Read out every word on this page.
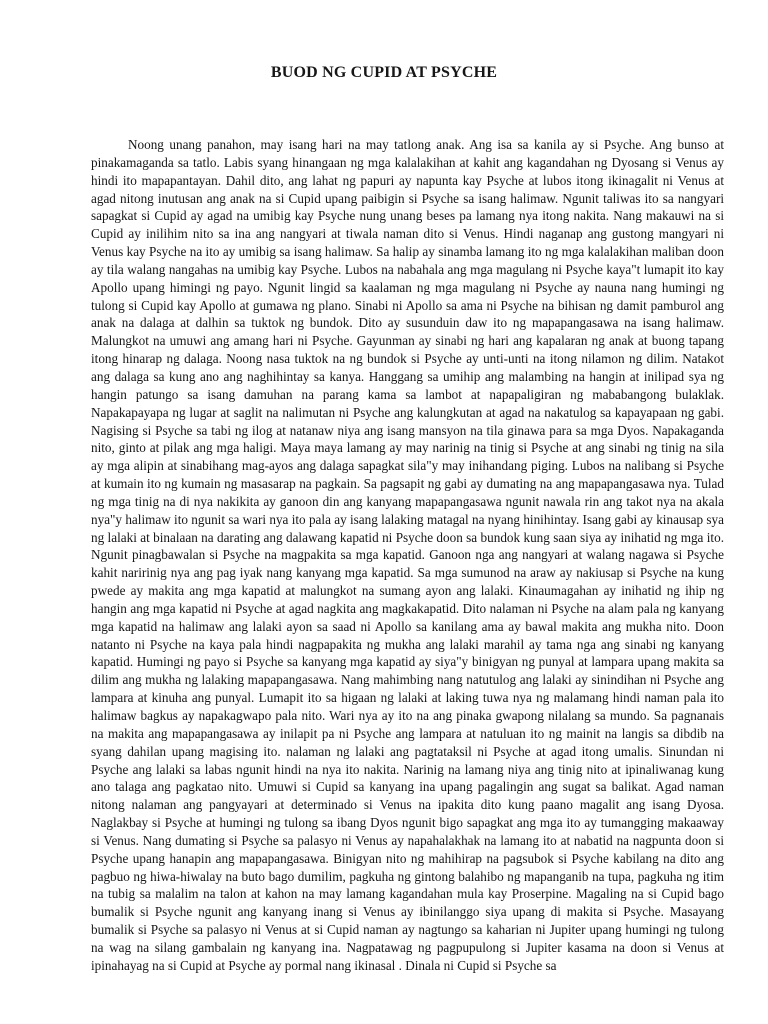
BUOD NG CUPID AT PSYCHE

Noong unang panahon, may isang hari na may tatlong anak. Ang isa sa kanila ay si Psyche. Ang bunso at pinakamaganda sa tatlo. Labis syang hinangaan ng mga kalalakihan at kahit ang kagandahan ng Dyosang si Venus ay hindi ito mapapantayan. Dahil dito, ang lahat ng papuri ay napunta kay Psyche at lubos itong ikinagalit ni Venus at agad nitong inutusan ang anak na si Cupid upang paibigin si Psyche sa isang halimaw. Ngunit taliwas ito sa nangyari sapagkat si Cupid ay agad na umibig kay Psyche nung unang beses pa lamang nya itong nakita. Nang makauwi na si Cupid ay inilihim nito sa ina ang nangyari at tiwala naman dito si Venus. Hindi naganap ang gustong mangyari ni Venus kay Psyche na ito ay umibig sa isang halimaw. Sa halip ay sinamba lamang ito ng mga kalalakihan maliban doon ay tila walang nangahas na umibig kay Psyche. Lubos na nabahala ang mga magulang ni Psyche kaya"t lumapit ito kay Apollo upang himingi ng payo. Ngunit lingid sa kaalaman ng mga magulang ni Psyche ay nauna nang humingi ng tulong si Cupid kay Apollo at gumawa ng plano. Sinabi ni Apollo sa ama ni Psyche na bihisan ng damit pamburol ang anak na dalaga at dalhin sa tuktok ng bundok. Dito ay susunduin daw ito ng mapapangasawa na isang halimaw. Malungkot na umuwi ang amang hari ni Psyche. Gayunman ay sinabi ng hari ang kapalaran ng anak at buong tapang itong hinarap ng dalaga. Noong nasa tuktok na ng bundok si Psyche ay unti-unti na itong nilamon ng dilim. Natakot ang dalaga sa kung ano ang naghihintay sa kanya. Hanggang sa umihip ang malambing na hangin at inilipad sya ng hangin patungo sa isang damuhan na parang kama sa lambot at napapaligiran ng mababangong bulaklak. Napakapayapa ng lugar at saglit na nalimutan ni Psyche ang kalungkutan at agad na nakatulog sa kapayapaan ng gabi. Nagising si Psyche sa tabi ng ilog at natanaw niya ang isang mansyon na tila ginawa para sa mga Dyos. Napakaganda nito, ginto at pilak ang mga haligi. Maya maya lamang ay may narinig na tinig si Psyche at ang sinabi ng tinig na sila ay mga alipin at sinabihang mag-ayos ang dalaga sapagkat sila"y may inihandang piging. Lubos na nalibang si Psyche at kumain ito ng kumain ng masasarap na pagkain. Sa pagsapit ng gabi ay dumating na ang mapapangasawa nya. Tulad ng mga tinig na di nya nakikita ay ganoon din ang kanyang mapapangasawa ngunit nawala rin ang takot nya na akala nya"y halimaw ito ngunit sa wari nya ito pala ay isang lalaking matagal na nyang hinihintay. Isang gabi ay kinausap sya ng lalaki at binalaan na darating ang dalawang kapatid ni Psyche doon sa bundok kung saan siya ay inihatid ng mga ito. Ngunit pinagbawalan si Psyche na magpakita sa mga kapatid. Ganoon nga ang nangyari at walang nagawa si Psyche kahit naririnig nya ang pag iyak nang kanyang mga kapatid. Sa mga sumunod na araw ay nakiusap si Psyche na kung pwede ay makita ang mga kapatid at malungkot na sumang ayon ang lalaki. Kinaumagahan ay inihatid ng ihip ng hangin ang mga kapatid ni Psyche at agad nagkita ang magkakapatid. Dito nalaman ni Psyche na alam pala ng kanyang mga kapatid na halimaw ang lalaki ayon sa saad ni Apollo sa kanilang ama ay bawal makita ang mukha nito. Doon natanto ni Psyche na kaya pala hindi nagpapakita ng mukha ang lalaki marahil ay tama nga ang sinabi ng kanyang kapatid. Humingi ng payo si Psyche sa kanyang mga kapatid ay siya"y binigyan ng punyal at lampara upang makita sa dilim ang mukha ng lalaking mapapangasawa. Nang mahimbing nang natutulog ang lalaki ay sinindihan ni Psyche ang lampara at kinuha ang punyal. Lumapit ito sa higaan ng lalaki at laking tuwa nya ng malamang hindi naman pala ito halimaw bagkus ay napakagwapo pala nito. Wari nya ay ito na ang pinaka gwapong nilalang sa mundo. Sa pagnanais na makita ang mapapangasawa ay inilapit pa ni Psyche ang lampara at natuluan ito ng mainit na langis sa dibdib na syang dahilan upang magising ito. nalaman ng lalaki ang pagtataksil ni Psyche at agad itong umalis. Sinundan ni Psyche ang lalaki sa labas ngunit hindi na nya ito nakita. Narinig na lamang niya ang tinig nito at ipinaliwanag kung ano talaga ang pagkatao nito. Umuwi si Cupid sa kanyang ina upang pagalingin ang sugat sa balikat. Agad naman nitong nalaman ang pangyayari at determinado si Venus na ipakita dito kung paano magalit ang isang Dyosa. Naglakbay si Psyche at humingi ng tulong sa ibang Dyos ngunit bigo sapagkat ang mga ito ay tumangging makaaway si Venus. Nang dumating si Psyche sa palasyo ni Venus ay napahalakhak na lamang ito at nabatid na nagpunta doon si Psyche upang hanapin ang mapapangasawa. Binigyan nito ng mahihirap na pagsubok si Psyche kabilang na dito ang pagbuo ng hiwa-hiwalay na buto bago dumilim, pagkuha ng gintong balahibo ng mapanganib na tupa, pagkuha ng itim na tubig sa malalim na talon at kahon na may lamang kagandahan mula kay Proserpine. Magaling na si Cupid bago bumalik si Psyche ngunit ang kanyang inang si Venus ay ibinilanggo siya upang di makita si Psyche. Masayang bumalik si Psyche sa palasyo ni Venus at si Cupid naman ay nagtungo sa kaharian ni Jupiter upang humingi ng tulong na wag na silang gambalain ng kanyang ina. Nagpatawag ng pagpupulong si Jupiter kasama na doon si Venus at ipinahayag na si Cupid at Psyche ay pormal nang ikinasal . Dinala ni Cupid si Psyche sa
